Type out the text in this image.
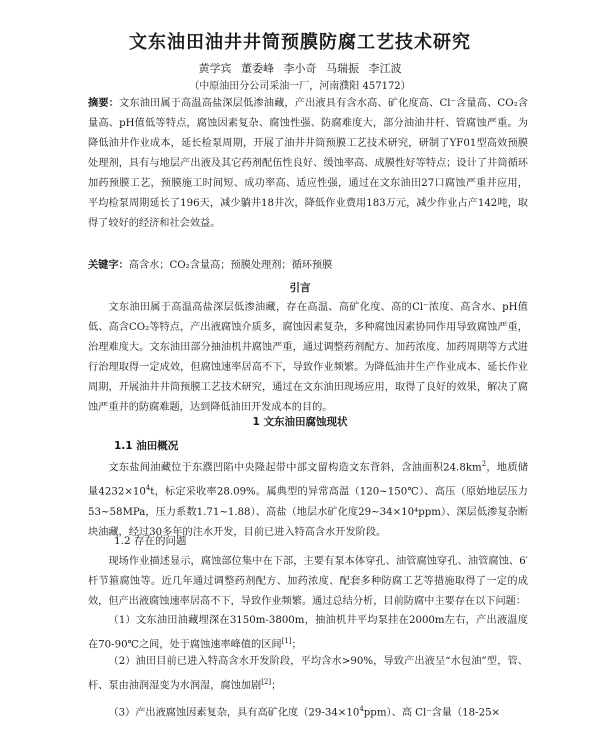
文东油田油井井筒预膜防腐工艺技术研究
黄学宾 董委峰 李小奇 马瑞振 李江波
（中原油田分公司采油一厂，河南濮阳 457172）
摘要：文东油田属于高温高盐深层低渗油藏，产出液具有含水高、矿化度高、Cl⁻含量高、CO₂含量高、pH值低等特点，腐蚀因素复杂、腐蚀性强、防腐难度大，部分油油井杆、管腐蚀严重。为降低油井作业成本，延长检泵周期，开展了油井井筒预膜工艺技术研究，研制了YF01型高效预膜处理剂，具有与地层产出液及其它药剂配伍性良好、缓蚀率高、成膜性好等特点；设计了井筒循环加药预膜工艺，预膜施工时间短、成功率高、适应性强，通过在文东油田27口腐蚀严重井应用，平均检泵周期延长了196天，减少躺井18井次，降低作业费用183万元，减少作业占产142吨，取得了较好的经济和社会效益。
关键字：高含水；CO₂含量高；预膜处理剂；循环预膜
引言
文东油田属于高温高盐深层低渗油藏，存在高温、高矿化度、高的Cl⁻浓度、高含水、pH值低、高含CO₂等特点，产出液腐蚀介质多，腐蚀因素复杂，多种腐蚀因素协同作用导致腐蚀严重，治理难度大。文东油田部分抽油机井腐蚀严重，通过调整药剂配方、加药浓度、加药周期等方式进行治理取得一定成效，但腐蚀速率居高不下，导致作业频繁。为降低油井生产作业成本、延长作业周期，开展油井井筒预膜工艺技术研究，通过在文东油田现场应用，取得了良好的效果，解决了腐蚀严重井的防腐难题，达到降低油田开发成本的目的。
1 文东油田腐蚀现状
1.1 油田概况
文东盐间油藏位于东濮凹陷中央隆起带中部文留构造文东背斜，含油面积$24.8km^2$，地质储量$4232\times 10^4t$，标定采收率28.09%。属典型的异常高温（120~150℃）、高压（原始地层压力53~58MPa，压力系数1.71~1.88）、高盐（地层水矿化度29~34×10⁴ppm）、深层低渗复杂断块油藏，经过30多年的注水开发，目前已进入特高含水开发阶段。
1.2 存在的问题
现场作业描述显示，腐蚀部位集中在下部，主要有泵本体穿孔、油管腐蚀穿孔、油管腐蚀、6′杆节箍腐蚀等。近几年通过调整药剂配方、加药浓度、配套多种防腐工艺等措施取得了一定的成效，但产出液腐蚀速率居高不下，导致作业频繁。通过总结分析，目前防腐中主要存在以下问题：
（1）文东油田油藏埋深在3150m-3800m，抽油机井平均泵挂在2000m左右，产出液温度在70-90℃之间，处于腐蚀速率峰值的区间[1]；
（2）油田目前已进入特高含水开发阶段，平均含水>90%，导致产出液呈“水包油”型，管、杆、泵由油润湿变为水润湿，腐蚀加剧[2]；
（3）产出液腐蚀因素复杂，具有高矿化度$(29-34\times 10^4ppm)$、高 Cl⁻含量（18-25×
